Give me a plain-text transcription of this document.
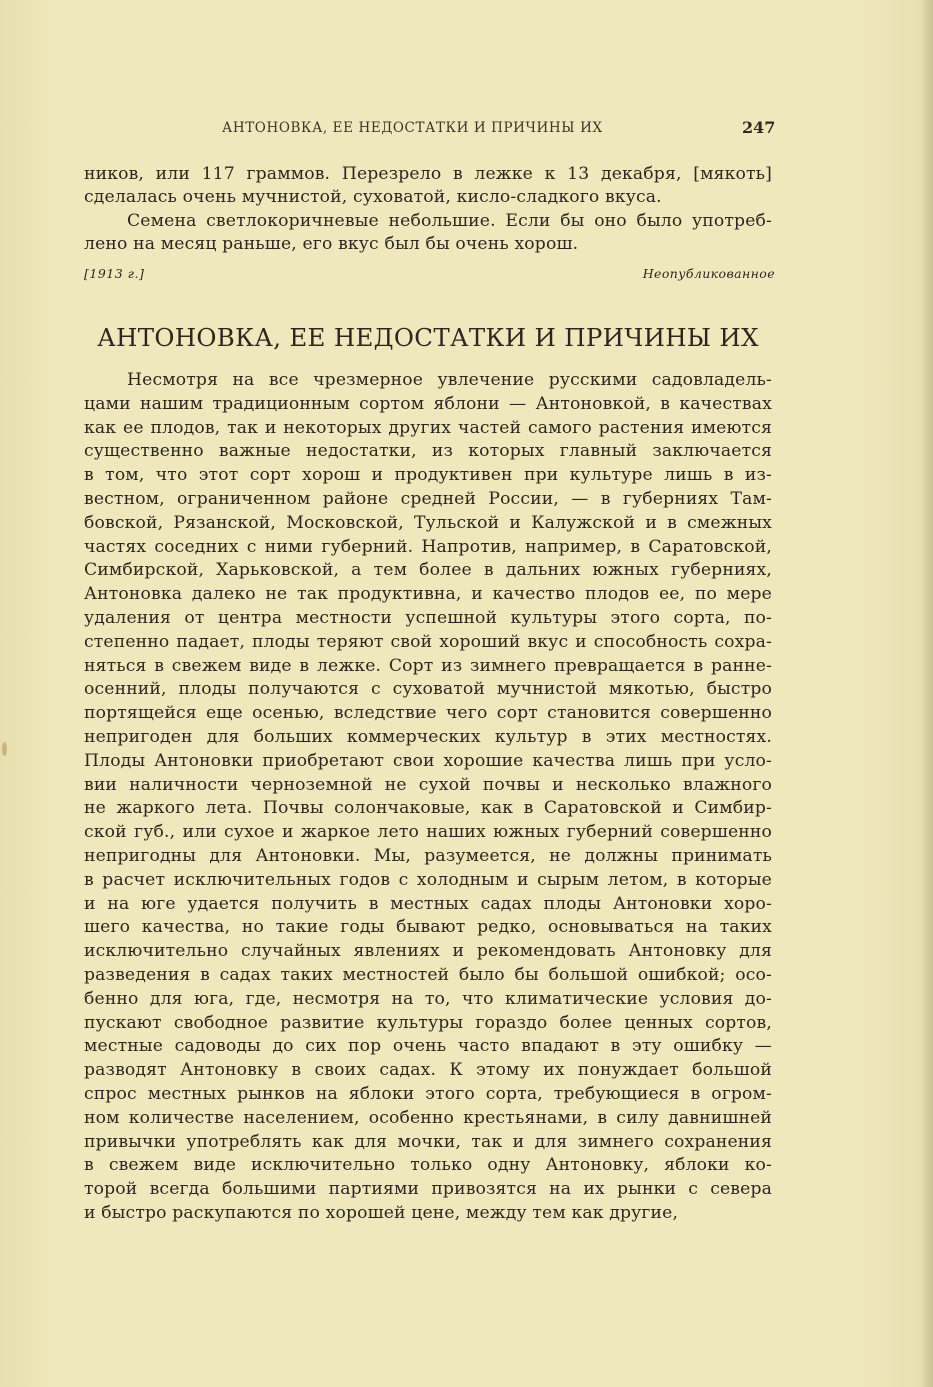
АНТОНОВКА, ЕЕ НЕДОСТАТКИ И ПРИЧИНЫ ИХ	247
ников, или 117 граммов. Перезрело в лежке к 13 декабря, [мякоть]
сделалась очень мучнистой, суховатой, кисло-сладкого вкуса.
Семена светлокоричневые небольшие. Если бы оно было употреб-
лено на месяц раньше, его вкус был бы очень хорош.
[1913 г.]	Неопубликованное
АНТОНОВКА, ЕЕ НЕДОСТАТКИ И ПРИЧИНЫ ИХ
Несмотря на все чрезмерное увлечение русскими садовладель-
цами нашим традиционным сортом яблони — Антоновкой, в качествах
как ее плодов, так и некоторых других частей самого растения имеются
существенно важные недостатки, из которых главный заключается
в том, что этот сорт хорош и продуктивен при культуре лишь в из-
вестном, ограниченном районе средней России, — в губерниях Там-
бовской, Рязанской, Московской, Тульской и Калужской и в смежных
частях соседних с ними губерний. Напротив, например, в Саратовской,
Симбирской, Харьковской, а тем более в дальних южных губерниях,
Антоновка далеко не так продуктивна, и качество плодов ее, по мере
удаления от центра местности успешной культуры этого сорта, по-
степенно падает, плоды теряют свой хороший вкус и способность сохра-
няться в свежем виде в лежке. Сорт из зимнего превращается в ранне-
осенний, плоды получаются с суховатой мучнистой мякотью, быстро
портящейся еще осенью, вследствие чего сорт становится совершенно
непригоден для больших коммерческих культур в этих местностях.
Плоды Антоновки приобретают свои хорошие качества лишь при усло-
вии наличности черноземной не сухой почвы и несколько влажного
не жаркого лета. Почвы солончаковые, как в Саратовской и Симбир-
ской губ., или сухое и жаркое лето наших южных губерний совершенно
непригодны для Антоновки. Мы, разумеется, не должны принимать
в расчет исключительных годов с холодным и сырым летом, в которые
и на юге удается получить в местных садах плоды Антоновки хоро-
шего качества, но такие годы бывают редко, основываться на таких
исключительно случайных явлениях и рекомендовать Антоновку для
разведения в садах таких местностей было бы большой ошибкой; осо-
бенно для юга, где, несмотря на то, что климатические условия до-
пускают свободное развитие культуры гораздо более ценных сортов,
местные садоводы до сих пор очень часто впадают в эту ошибку —
разводят Антоновку в своих садах. К этому их понуждает большой
спрос местных рынков на яблоки этого сорта, требующиеся в огром-
ном количестве населением, особенно крестьянами, в силу давнишней
привычки употреблять как для мочки, так и для зимнего сохранения
в свежем виде исключительно только одну Антоновку, яблоки ко-
торой всегда большими партиями привозятся на их рынки с севера
и быстро раскупаются по хорошей цене, между тем как другие,
